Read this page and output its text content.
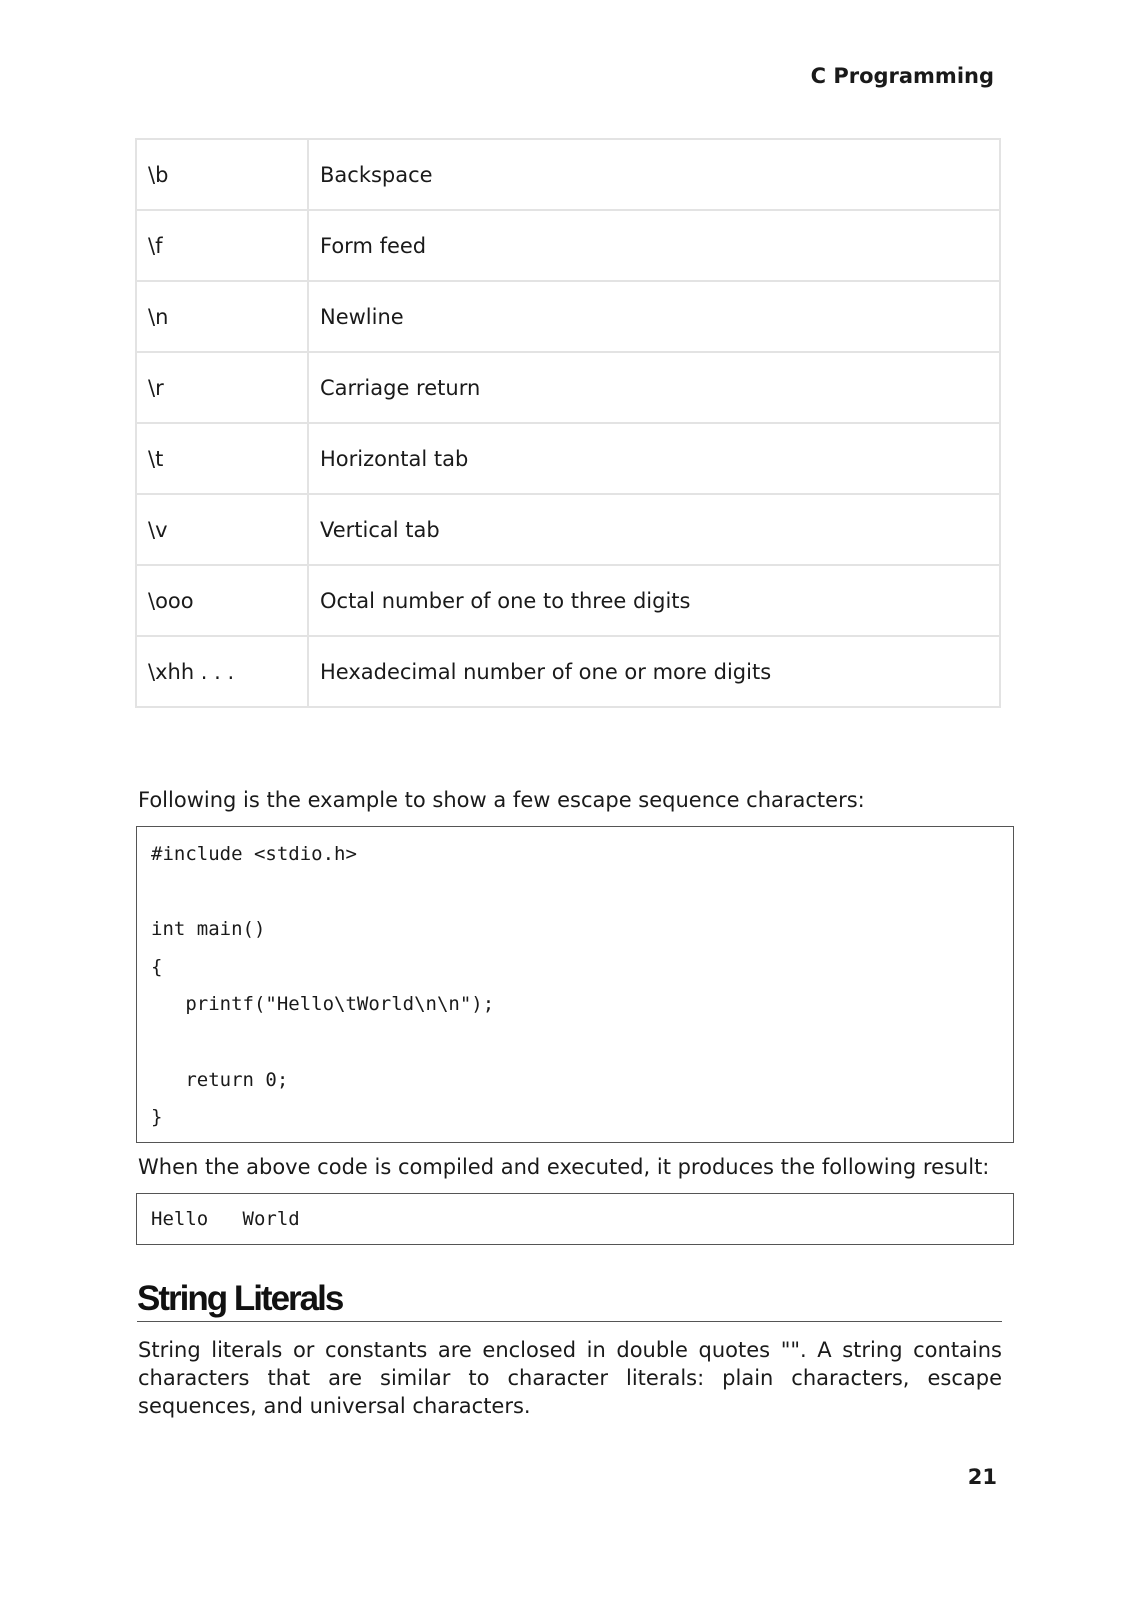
C Programming
\b	Backspace
\f	Form feed
\n	Newline
\r	Carriage return
\t	Horizontal tab
\v	Vertical tab
\ooo	Octal number of one to three digits
\xhh . . .	Hexadecimal number of one or more digits
Following is the example to show a few escape sequence characters:
#include <stdio.h>
int main()
{
printf("Hello\tWorld\n\n");
return 0;
}
When the above code is compiled and executed, it produces the following result:
Hello   World
String Literals
String literals or constants are enclosed in double quotes "". A string contains characters that are similar to character literals: plain characters, escape sequences, and universal characters.
21
